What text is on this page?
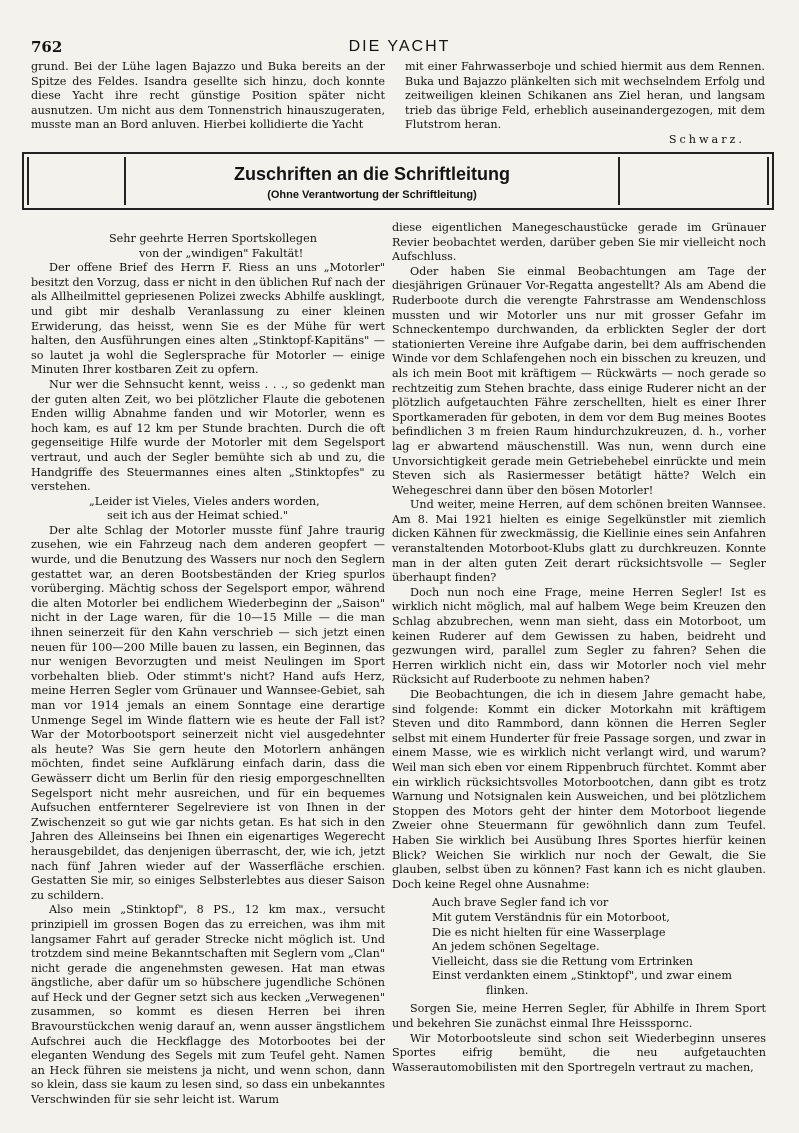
762	DIE YACHT

grund. Bei der Lühe lagen Bajazzo und Buka bereits an der Spitze des Feldes. Isandra gesellte sich hinzu, doch konnte diese Yacht ihre recht günstige Position später nicht ausnutzen. Um nicht aus dem Tonnenstrich hinauszugeraten, musste man an Bord anluven. Hierbei kollidierte die Yacht

mit einer Fahrwasserboje und schied hiermit aus dem Rennen. Buka und Bajazzo plänkelten sich mit wechselndem Erfolg und zeitweiligen kleinen Schikanen ans Ziel heran, und langsam trieb das übrige Feld, erheblich auseinandergezogen, mit dem Flutstrom heran.

Schwarz.
Zuschriften an die Schriftleitung
(Ohne Verantwortung der Schriftleitung)

Sehr geehrte Herren Sportskollegen

von der „windigen" Fakultät!

Der offene Brief des Herrn F. Riess an uns „Motorler" besitzt den Vorzug, dass er nicht in den üblichen Ruf nach der als Allheilmittel gepriesenen Polizei zwecks Abhilfe ausklingt, und gibt mir deshalb Veranlassung zu einer kleinen Erwiderung, das heisst, wenn Sie es der Mühe für wert halten, den Ausführungen eines alten „Stinktopf-Kapitäns" — so lautet ja wohl die Seglersprache für Motorler — einige Minuten Ihrer kostbaren Zeit zu opfern.

Nur wer die Sehnsucht kennt, weiss . . ., so gedenkt man der guten alten Zeit, wo bei plötzlicher Flaute die gebotenen Enden willig Abnahme fanden und wir Motorler, wenn es hoch kam, es auf 12 km per Stunde brachten. Durch die oft gegenseitige Hilfe wurde der Motorler mit dem Segelsport vertraut, und auch der Segler bemühte sich ab und zu, die Handgriffe des Steuermannes eines alten „Stinktopfes" zu verstehen.

„Leider ist Vieles, Vieles anders worden,

seit ich aus der Heimat schied."

Der alte Schlag der Motorler musste fünf Jahre traurig zusehen, wie ein Fahrzeug nach dem anderen geopfert — wurde, und die Benutzung des Wassers nur noch den Seglern gestattet war, an deren Bootsbeständen der Krieg spurlos vorüberging. Mächtig schoss der Segelsport empor, während die alten Motorler bei endlichem Wiederbeginn der „Saison" nicht in der Lage waren, für die 10—15 Mille — die man ihnen seinerzeit für den Kahn verschrieb — sich jetzt einen neuen für 100—200 Mille bauen zu lassen, ein Beginnen, das nur wenigen Bevorzugten und meist Neulingen im Sport vorbehalten blieb. Oder stimmt's nicht? Hand aufs Herz, meine Herren Segler vom Grünauer und Wannsee-Gebiet, sah man vor 1914 jemals an einem Sonntage eine derartige Unmenge Segel im Winde flattern wie es heute der Fall ist? War der Motorbootsport seinerzeit nicht viel ausgedehnter als heute? Was Sie gern heute den Motorlern anhängen möchten, findet seine Aufklärung einfach darin, dass die Gewässerr dicht um Berlin für den riesig emporgeschnellten Segelsport nicht mehr ausreichen, und für ein bequemes Aufsuchen entfernterer Segelreviere ist von Ihnen in der Zwischenzeit so gut wie gar nichts getan. Es hat sich in den Jahren des Alleinseins bei Ihnen ein eigenartiges Wegerecht herausgebildet, das denjenigen überrascht, der, wie ich, jetzt nach fünf Jahren wieder auf der Wasserfläche erschien. Gestatten Sie mir, so einiges Selbsterlebtes aus dieser Saison zu schildern.

Also mein „Stinktopf", 8 PS., 12 km max., versucht prinzipiell im grossen Bogen das zu erreichen, was ihm mit langsamer Fahrt auf gerader Strecke nicht möglich ist. Und trotzdem sind meine Bekanntschaften mit Seglern vom „Clan" nicht gerade die angenehmsten gewesen. Hat man etwas ängstliche, aber dafür um so hübschere jugendliche Schönen auf Heck und der Gegner setzt sich aus kecken „Verwegenen" zusammen, so kommt es diesen Herren bei ihren Bravourstückchen wenig darauf an, wenn ausser ängstlichem Aufschrei auch die Heckflagge des Motorbootes bei der eleganten Wendung des Segels mit zum Teufel geht. Namen an Heck führen sie meistens ja nicht, und wenn schon, dann so klein, dass sie kaum zu lesen sind, so dass ein unbekanntes Verschwinden für sie sehr leicht ist. Warum

diese eigentlichen Manegeschaustücke gerade im Grünauer Revier beobachtet werden, darüber geben Sie mir vielleicht noch Aufschluss.

Oder haben Sie einmal Beobachtungen am Tage der diesjährigen Grünauer Vor-Regatta angestellt? Als am Abend die Ruderboote durch die verengte Fahrstrasse am Wendenschloss mussten und wir Motorler uns nur mit grosser Gefahr im Schneckentempo durchwanden, da erblickten Segler der dort stationierten Vereine ihre Aufgabe darin, bei dem auffrischenden Winde vor dem Schlafengehen noch ein bisschen zu kreuzen, und als ich mein Boot mit kräftigem — Rückwärts — noch gerade so rechtzeitig zum Stehen brachte, dass einige Ruderer nicht an der plötzlich aufgetauchten Fähre zerschellten, hielt es einer Ihrer Sportkameraden für geboten, in dem vor dem Bug meines Bootes befindlichen 3 m freien Raum hindurchzukreuzen, d. h., vorher lag er abwartend mäuschenstill. Was nun, wenn durch eine Unvorsichtigkeit gerade mein Getriebehebel einrückte und mein Steven sich als Rasiermesser betätigt hätte? Welch ein Wehegeschrei dann über den bösen Motorler!

Und weiter, meine Herren, auf dem schönen breiten Wannsee. Am 8. Mai 1921 hielten es einige Segelkünstler mit ziemlich dicken Kähnen für zweckmässig, die Kiellinie eines sein Anfahren veranstaltenden Motorboot-Klubs glatt zu durchkreuzen. Konnte man in der alten guten Zeit derart rücksichtsvolle — Segler überhaupt finden?

Doch nun noch eine Frage, meine Herren Segler! Ist es wirklich nicht möglich, mal auf halbem Wege beim Kreuzen den Schlag abzubrechen, wenn man sieht, dass ein Motorboot, um keinen Ruderer auf dem Gewissen zu haben, beidreht und gezwungen wird, parallel zum Segler zu fahren? Sehen die Herren wirklich nicht ein, dass wir Motorler noch viel mehr Rücksicht auf Ruderboote zu nehmen haben?

Die Beobachtungen, die ich in diesem Jahre gemacht habe, sind folgende: Kommt ein dicker Motorkahn mit kräftigem Steven und dito Rammbord, dann können die Herren Segler selbst mit einem Hunderter für freie Passage sorgen, und zwar in einem Masse, wie es wirklich nicht verlangt wird, und warum? Weil man sich eben vor einem Rippenbruch fürchtet. Kommt aber ein wirklich rücksichtsvolles Motorbootchen, dann gibt es trotz Warnung und Notsignalen kein Ausweichen, und bei plötzlichem Stoppen des Motors geht der hinter dem Motorboot liegende Zweier ohne Steuermann für gewöhnlich dann zum Teufel. Haben Sie wirklich bei Ausübung Ihres Sportes hierfür keinen Blick? Weichen Sie wirklich nur noch der Gewalt, die Sie glauben, selbst üben zu können? Fast kann ich es nicht glauben. Doch keine Regel ohne Ausnahme:

Auch brave Segler fand ich vor

Mit gutem Verständnis für ein Motorboot,

Die es nicht hielten für eine Wasserplage

An jedem schönen Segeltage.

Vielleicht, dass sie die Rettung vom Ertrinken

Einst verdankten einem „Stinktopf", und zwar einem

flinken.

Sorgen Sie, meine Herren Segler, für Abhilfe in Ihrem Sport und bekehren Sie zunächst einmal Ihre Heissspornc.

Wir Motorbootsleute sind schon seit Wiederbeginn unseres Sportes eifrig bemüht, die neu aufgetauchten Wasserautomobilisten mit den Sportregeln vertraut zu machen,
